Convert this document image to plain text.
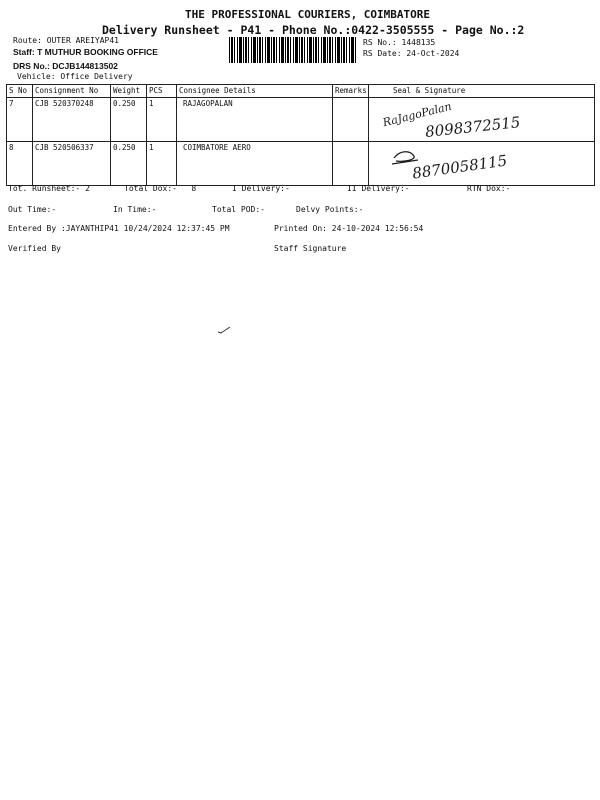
THE PROFESSIONAL COURIERS, COIMBATORE
Delivery Runsheet - P41 - Phone No.:0422-3505555 - Page No.:2
Route: OUTER AREIYAP41
Staff: T MUTHUR BOOKING OFFICE
DRS No.: DCJB144813502
Vehicle: Office Delivery
RS No.: 1448135
RS Date: 24-Oct-2024
S No	Consignment No	Weight	PCS	Consignee Details	Remarks	Seal & Signature
7	CJB 520370248	0.250	1	RAJAGOPALAN		
8	CJB 520506337	0.250	1	COIMBATORE AERO		
RaJagoPalan
8098372515
8870058115
Tot. Runsheet:- 2	Total Dox:-   8	I Delivery:-	II Delivery:-	RTN Dox:-
Out Time:-	In Time:-	Total POD:-	Delvy Points:-
Entered By :JAYANTHIP41 10/24/2024 12:37:45 PM	Printed On: 24-10-2024 12:56:54
Verified By	Staff Signature
